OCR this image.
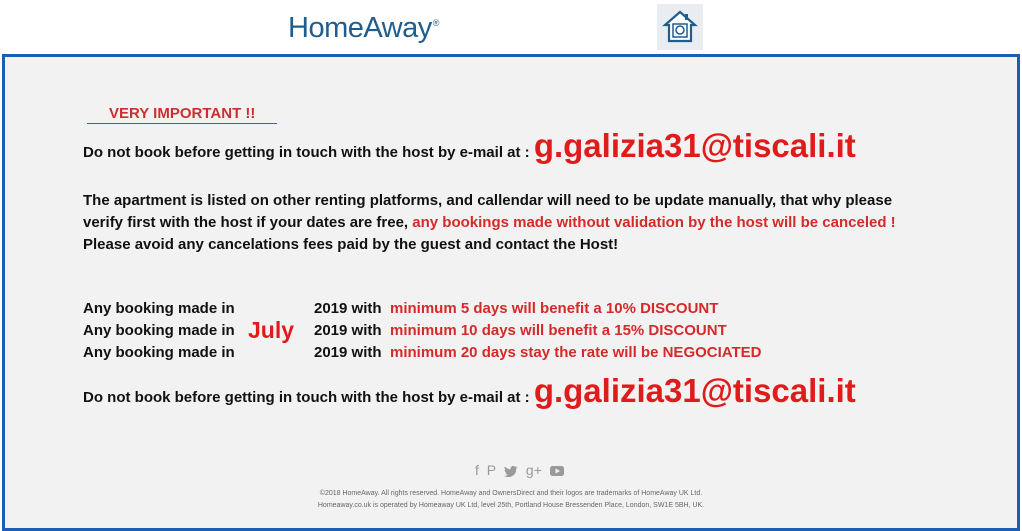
HomeAway®
VERY IMPORTANT !!
Do not book before getting in touch with the host by e-mail at : g.galizia31@tiscali.it
The apartment is listed on other renting platforms, and callendar will need to be update manually, that why please verify first with the host if your dates are free, any bookings made without validation by the host will be canceled !
Please avoid any cancelations fees paid by the guest and contact the Host!
Any booking made in	2019 with minimum 5 days will benefit a 10% DISCOUNT
Any booking made in	2019 with minimum 10 days will benefit a 15% DISCOUNT
Any booking made in	2019 with minimum 20 days stay the rate will be NEGOCIATED
July
Do not book before getting in touch with the host by e-mail at : g.galizia31@tiscali.it
f P g+
©2018 HomeAway. All rights reserved. HomeAway and OwnersDirect and their logos are trademarks of HomeAway UK Ltd.
Homeaway.co.uk is operated by Homeaway UK Ltd, level 25th, Portland House Bressenden Place, London, SW1E 5BH, UK.
